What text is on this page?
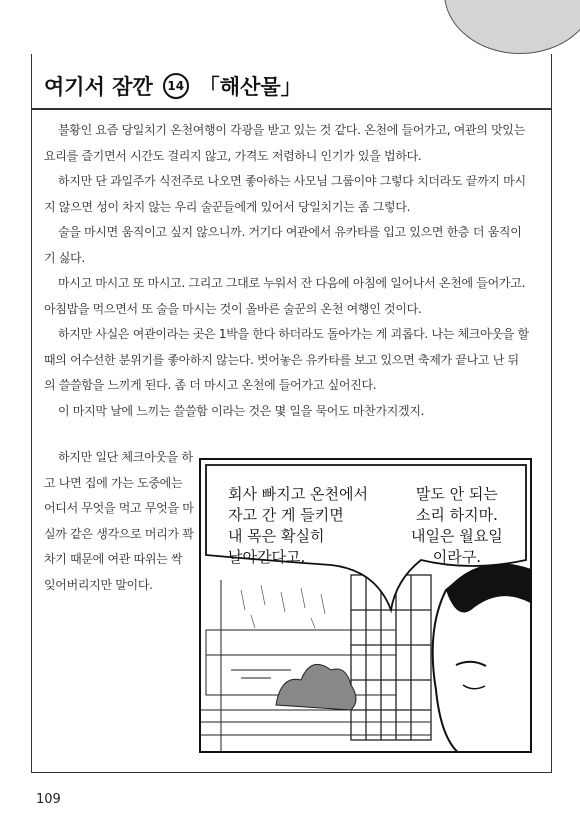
여기서 잠깐	14 「해산물」

불황인 요즘 당일치기 온천여행이 각광을 받고 있는 것 같다. 온천에 들어가고, 여관의 맛있는 요리를 즐기면서 시간도 걸리지 않고, 가격도 저렴하니 인기가 있을 법하다.

하지만 단 과일주가 식전주로 나오면 좋아하는 사모님 그룹이야 그렇다 치더라도 끝까지 마시지 않으면 성이 차지 않는 우리 술꾼들에게 있어서 당일치기는 좀 그렇다.

술을 마시면 움직이고 싶지 않으니까. 거기다 여관에서 유카타를 입고 있으면 한층 더 움직이기 싫다.

마시고 마시고 또 마시고. 그리고 그대로 누워서 잔 다음에 아침에 일어나서 온천에 들어가고. 아침밥을 먹으면서 또 술을 마시는 것이 올바른 술꾼의 온천 여행인 것이다.

하지만 사실은 여관이라는 곳은 1박을 한다 하더라도 돌아가는 게 괴롭다. 나는 체크아웃을 할 때의 어수선한 분위기를 좋아하지 않는다. 벗어놓은 유카타를 보고 있으면 축제가 끝나고 난 뒤의 쓸쓸함을 느끼게 된다. 좀 더 마시고 온천에 들어가고 싶어진다.

이 마지막 날에 느끼는 쓸쓸함 이라는 것은 몇 일을 묵어도 마찬가지겠지.

하지만 일단 체크아웃을 하고 나면 집에 가는 도중에는 어디서 무엇을 먹고 무엇을 마실까 같은 생각으로 머리가 꽉 차기 때문에 여관 따위는 싹 잊어버리지만 말이다.

회사 빠지고 온천에서
자고 간 게 들키면
내 목은 확실히
날아간다고.
말도 안 되는
소리 하지마.
내일은 월요일
이라구.
109
